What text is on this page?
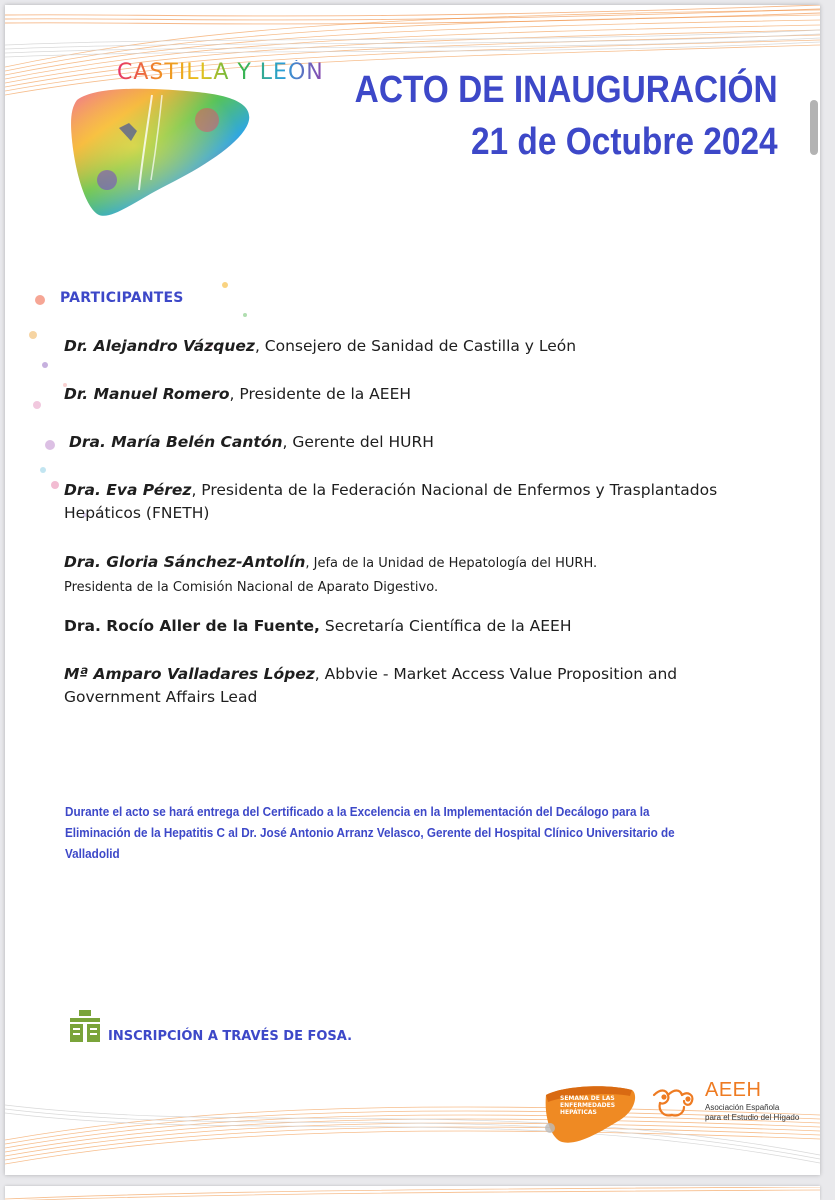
CASTILLA Y LEÓN ACTO DE INAUGURACIÓN
21 de Octubre 2024
PARTICIPANTES

Dr. Alejandro Vázquez, Consejero de Sanidad de Castilla y León

Dr. Manuel Romero, Presidente de la AEEH

Dra. María Belén Cantón, Gerente del HURH

Dra. Eva Pérez, Presidenta de la Federación Nacional de Enfermos y Trasplantados
Hepáticos (FNETH)

Dra. Gloria Sánchez-Antolín, Jefa de la Unidad de Hepatología del HURH.
Presidenta de la Comisión Nacional de Aparato Digestivo.

Dra. Rocío Aller de la Fuente, Secretaría Científica de la AEEH

Mª Amparo Valladares López, Abbvie - Market Access Value Proposition and
Government Affairs Lead

Durante el acto se hará entrega del Certificado a la Excelencia en la Implementación del Decálogo para la
Eliminación de la Hepatitis C al Dr. José Antonio Arranz Velasco, Gerente del Hospital Clínico Universitario de Valladolid
INSCRIPCIÓN A TRAVÉS DE FOSA.
SEMANA DE LAS
ENFERMEDADES
HEPÁTICAS
AEEH
Asociación Española
para el Estudio del Hígado
